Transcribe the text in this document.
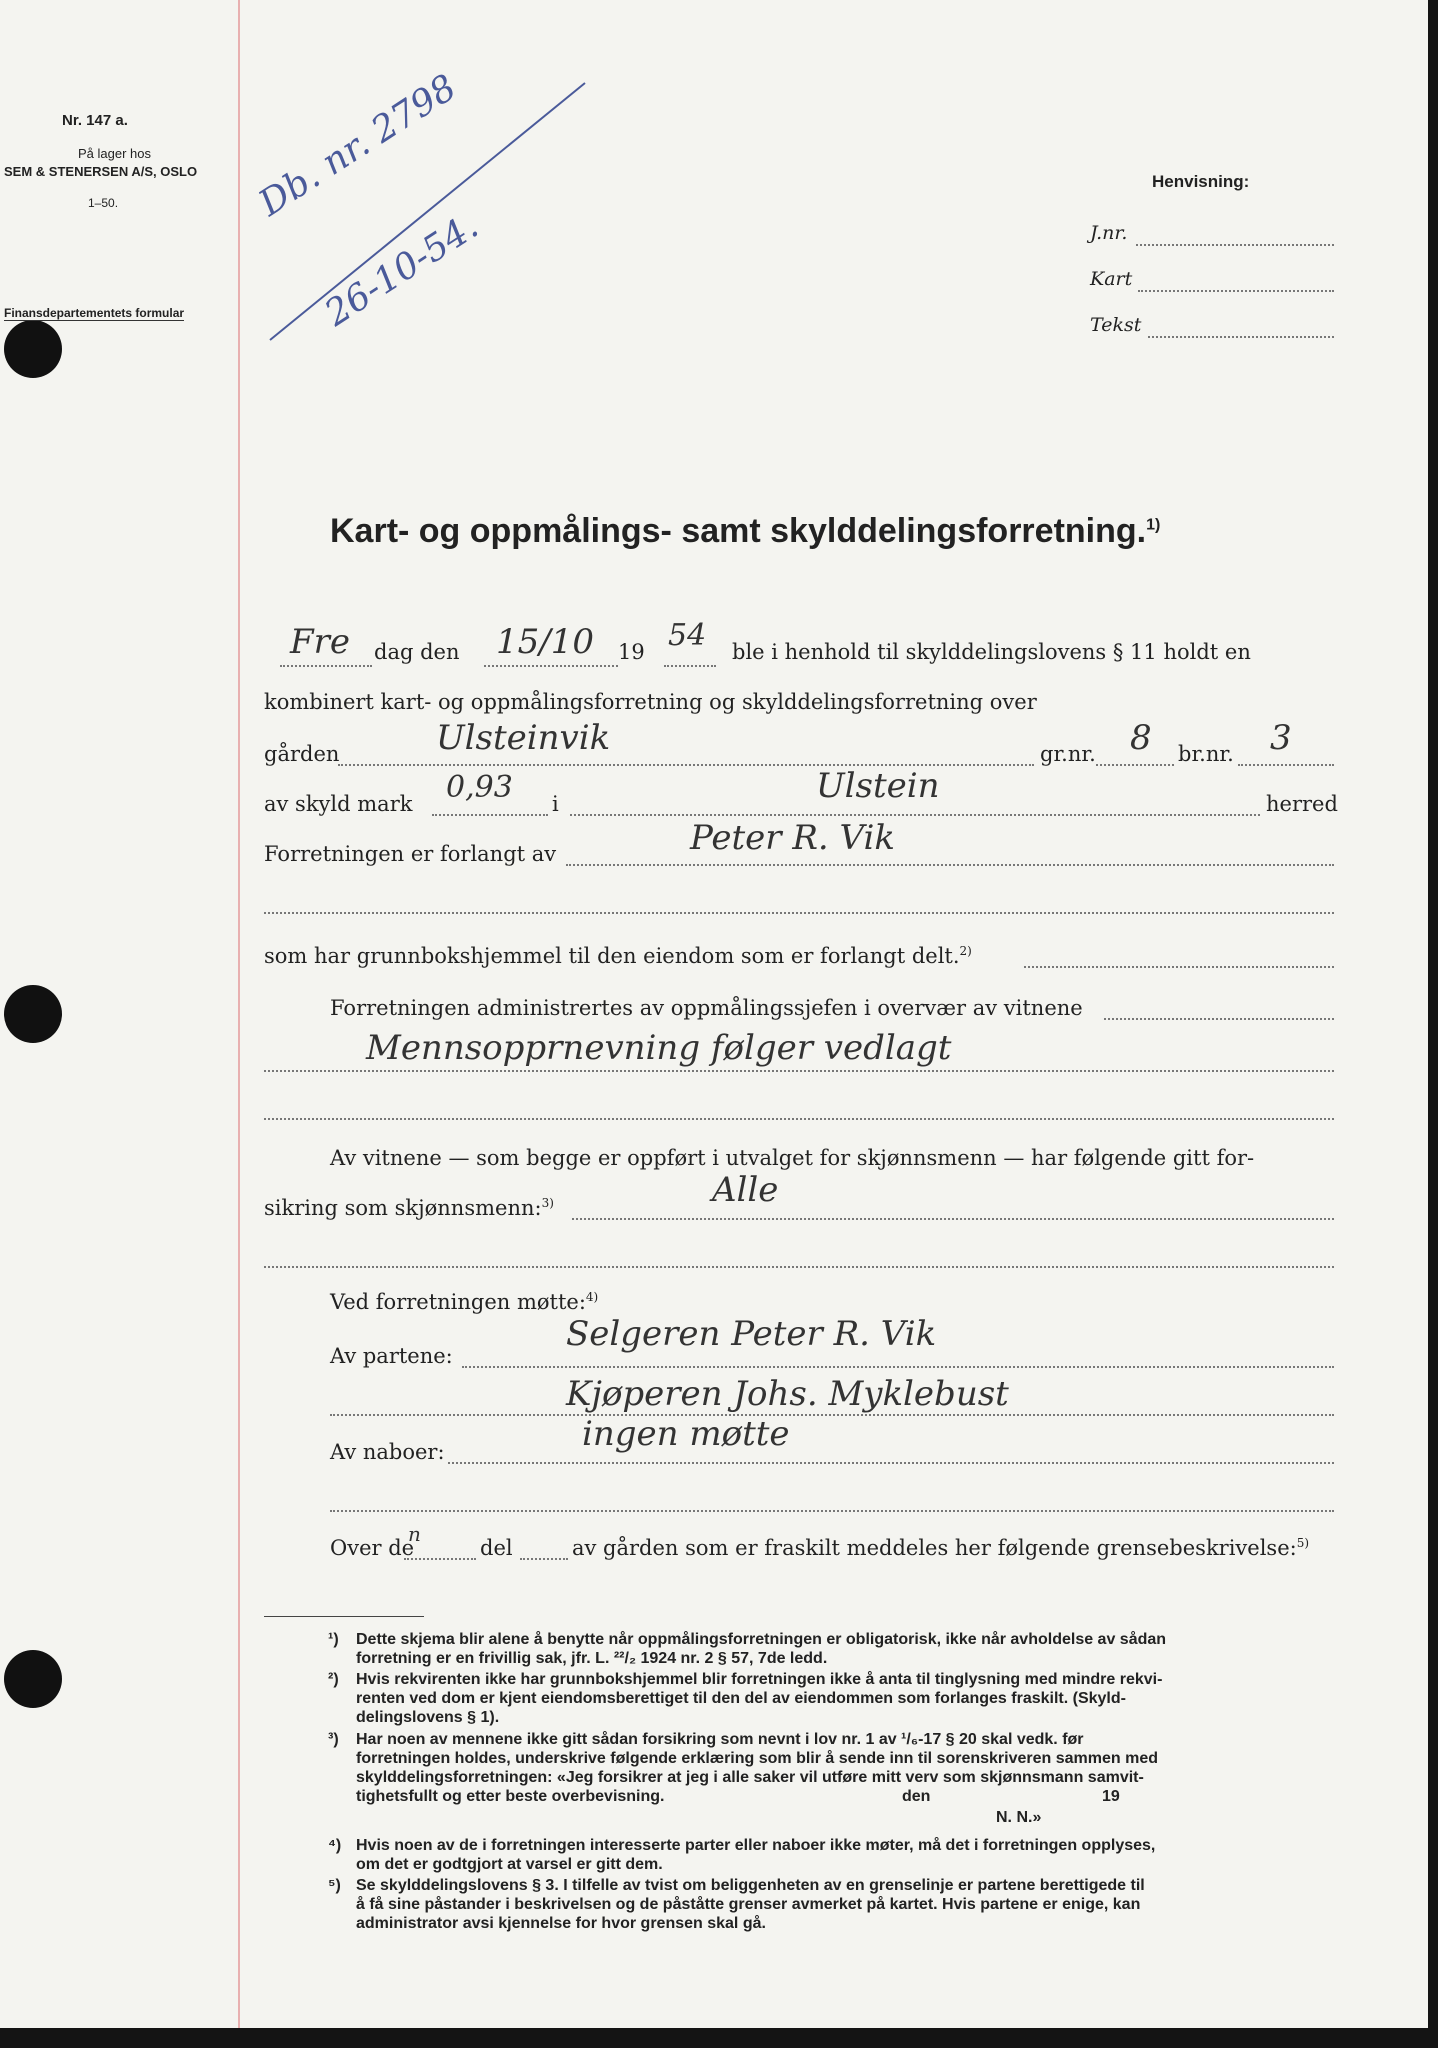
Nr. 147 a.
På lager hos
SEM & STENERSEN A/S, OSLO
1–50.
Finansdepartementets formular
Db. nr. 2798
26-10-54.
Henvisning:
J.nr.
Kart
Tekst
Kart- og oppmålings- samt skylddelingsforretning.$^{1)}$
Fre dag den 15/10 19 54 ble i henhold til skylddelingslovens § 11 holdt en
kombinert kart- og oppmålingsforretning og skylddelingsforretning over
gården	Ulsteinvik	gr.nr. 8 br.nr. 3
av skyld mark 0,93 i	Ulstein	herred
Forretningen er forlangt av	Peter R. Vik
som har grunnbokshjemmel til den eiendom som er forlangt delt.$^{2)}$
Forretningen administrertes av oppmålingssjefen i overvær av vitnene
Mennsopprnevning følger vedlagt
Av vitnene — som begge er oppført i utvalget for skjønnsmenn — har følgende gitt for-
sikring som skjønnsmenn:$^{3)}$	Alle
Ved forretningen møtte:$^{4)}$
Av partene:
Selgeren Peter R. Vik
Kjøperen Johs. Myklebust
Av naboer:	ingen møtte
Over de
n
del	av gården som er fraskilt meddeles her følgende grensebeskrivelse:$^{5)}$
¹) Dette skjema blir alene å benytte når oppmålingsforretningen er obligatorisk, ikke når avholdelse av sådan
forretning er en frivillig sak, jfr. L. ²²/₂ 1924 nr. 2 § 57, 7de ledd.
²) Hvis rekvirenten ikke har grunnbokshjemmel blir forretningen ikke å anta til tinglysning med mindre rekvi-
renten ved dom er kjent eiendomsberettiget til den del av eiendommen som forlanges fraskilt. (Skyld-
delingslovens § 1).
³) Har noen av mennene ikke gitt sådan forsikring som nevnt i lov nr. 1 av ¹/₆-17 § 20 skal vedk. før
forretningen holdes, underskrive følgende erklæring som blir å sende inn til sorenskriveren sammen med
skylddelingsforretningen: «Jeg forsikrer at jeg i alle saker vil utføre mitt verv som skjønnsmann samvit-
tighetsfullt og etter beste overbevisning.	den	19
N. N.»
⁴) Hvis noen av de i forretningen interesserte parter eller naboer ikke møter, må det i forretningen opplyses,
om det er godtgjort at varsel er gitt dem.
⁵) Se skylddelingslovens § 3. I tilfelle av tvist om beliggenheten av en grenselinje er partene berettigede til
å få sine påstander i beskrivelsen og de påståtte grenser avmerket på kartet. Hvis partene er enige, kan
administrator avsi kjennelse for hvor grensen skal gå.
